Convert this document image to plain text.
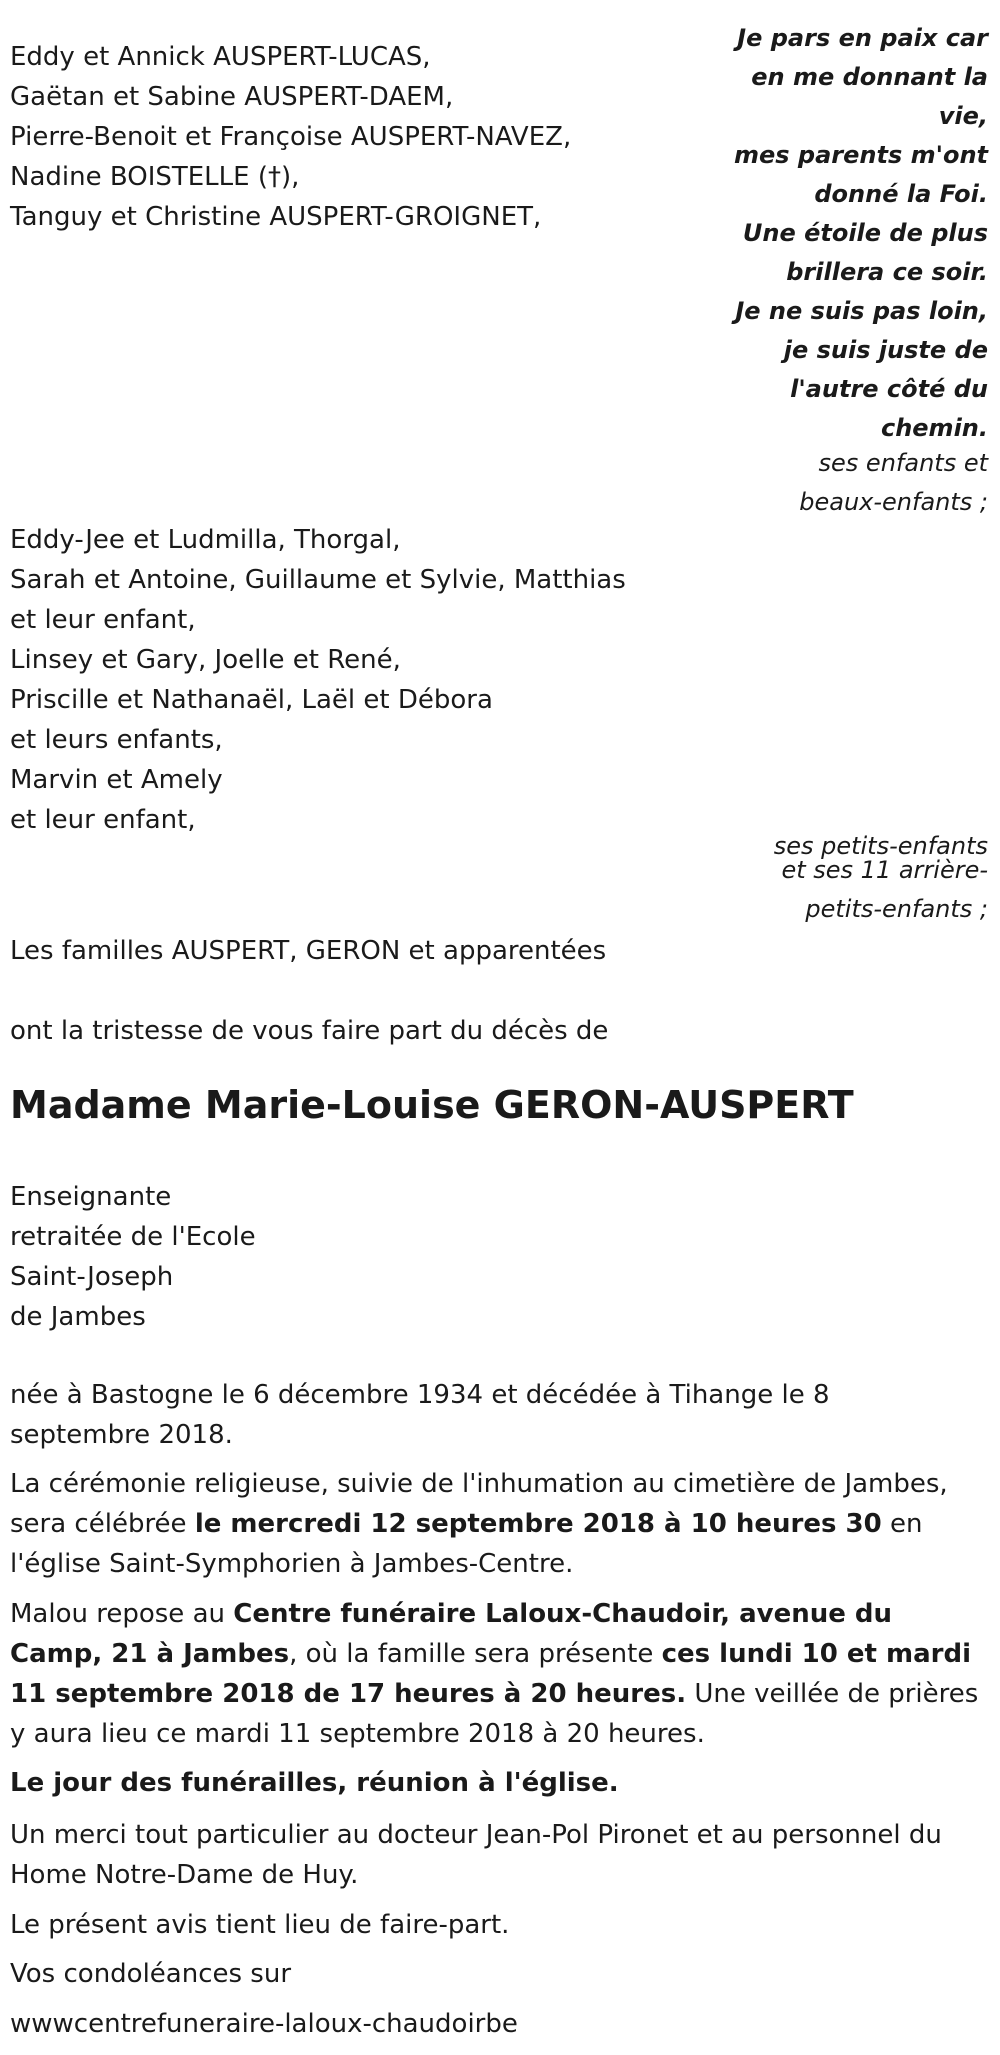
Eddy et Annick AUSPERT-LUCAS,
Gaëtan et Sabine AUSPERT-DAEM,
Pierre-Benoit et Françoise AUSPERT-NAVEZ,
Nadine BOISTELLE (†),
Tanguy et Christine AUSPERT-GROIGNET,
Je pars en paix car
en me donnant la
vie,
mes parents m'ont
donné la Foi.
Une étoile de plus
brillera ce soir.
Je ne suis pas loin,
je suis juste de
l'autre côté du
chemin.
ses enfants et
beaux-enfants ;
Eddy-Jee et Ludmilla, Thorgal,
Sarah et Antoine, Guillaume et Sylvie, Matthias
et leur enfant,
Linsey et Gary, Joelle et René,
Priscille et Nathanaël, Laël et Débora
et leurs enfants,
Marvin et Amely
et leur enfant,
ses petits-enfants
et ses 11 arrière-
petits-enfants ;
Les familles AUSPERT, GERON et apparentées
ont la tristesse de vous faire part du décès de
Madame Marie-Louise GERON-AUSPERT
Enseignante
retraitée de l'Ecole
Saint-Joseph
de Jambes
née à Bastogne le 6 décembre 1934 et décédée à Tihange le 8 septembre 2018.
La cérémonie religieuse, suivie de l'inhumation au cimetière de Jambes, sera célébrée le mercredi 12 septembre 2018 à 10 heures 30 en l'église Saint-Symphorien à Jambes-Centre.
Malou repose au Centre funéraire Laloux-Chaudoir, avenue du Camp, 21 à Jambes, où la famille sera présente ces lundi 10 et mardi 11 septembre 2018 de 17 heures à 20 heures. Une veillée de prières y aura lieu ce mardi 11 septembre 2018 à 20 heures.
Le jour des funérailles, réunion à l'église.
Un merci tout particulier au docteur Jean-Pol Pironet et au personnel du Home Notre-Dame de Huy.
Le présent avis tient lieu de faire-part.
Vos condoléances sur
wwwcentrefuneraire-laloux-chaudoirbe
